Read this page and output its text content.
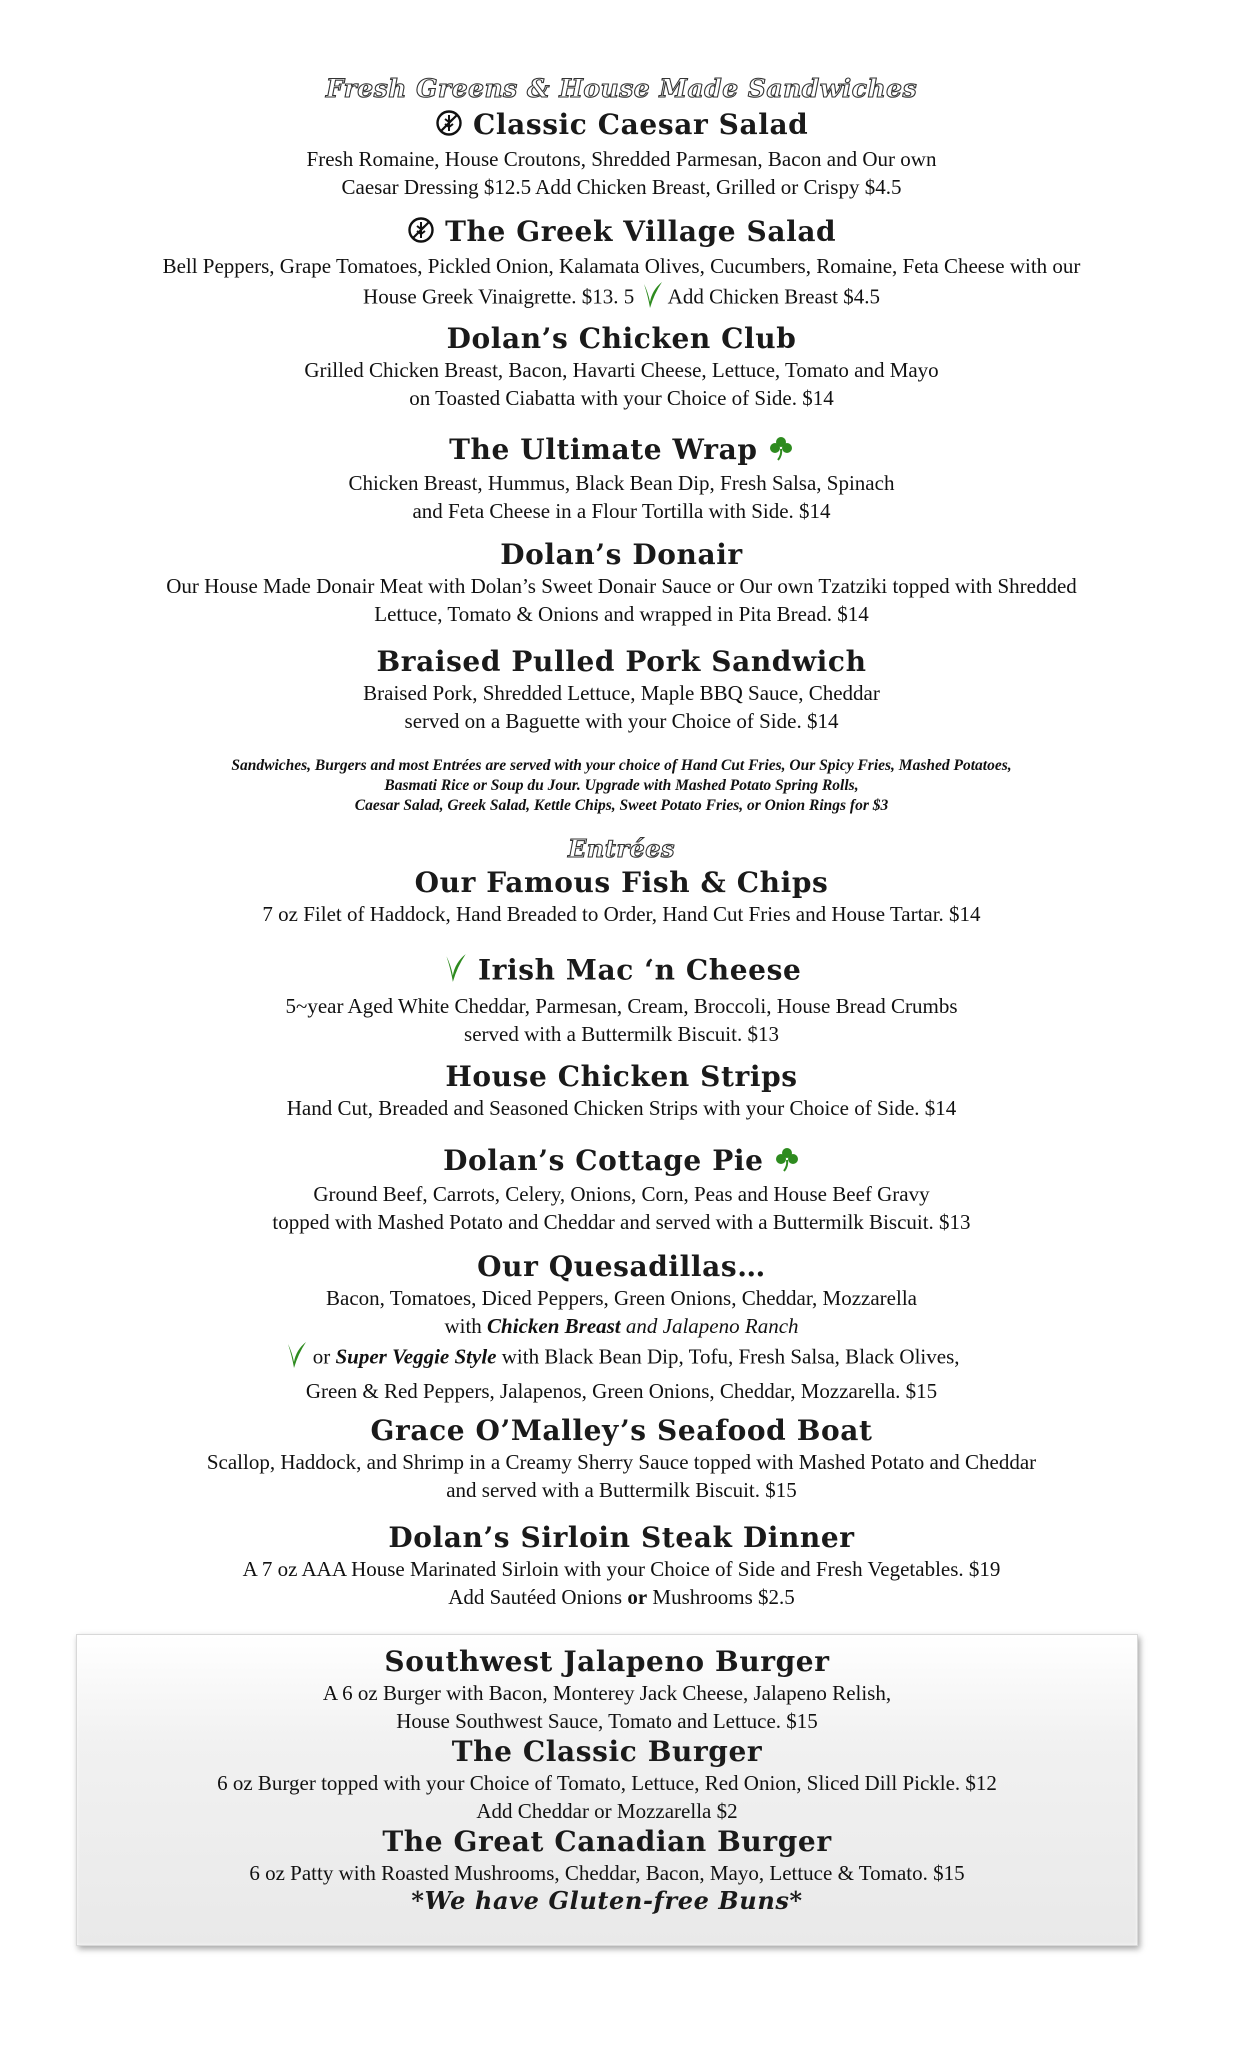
Fresh Greens & House Made Sandwiches
Classic Caesar Salad
Fresh Romaine, House Croutons, Shredded Parmesan, Bacon and Our own
Caesar Dressing $12.5 Add Chicken Breast, Grilled or Crispy $4.5
The Greek Village Salad
Bell Peppers, Grape Tomatoes, Pickled Onion, Kalamata Olives, Cucumbers, Romaine, Feta Cheese with our
House Greek Vinaigrette. $13. 5 Add Chicken Breast $4.5
Dolan’s Chicken Club
Grilled Chicken Breast, Bacon, Havarti Cheese, Lettuce, Tomato and Mayo
on Toasted Ciabatta with your Choice of Side. $14
The Ultimate Wrap
Chicken Breast, Hummus, Black Bean Dip, Fresh Salsa, Spinach
and Feta Cheese in a Flour Tortilla with Side. $14
Dolan’s Donair
Our House Made Donair Meat with Dolan’s Sweet Donair Sauce or Our own Tzatziki topped with Shredded
Lettuce, Tomato & Onions and wrapped in Pita Bread. $14
Braised Pulled Pork Sandwich
Braised Pork, Shredded Lettuce, Maple BBQ Sauce, Cheddar
served on a Baguette with your Choice of Side. $14
Sandwiches, Burgers and most Entrées are served with your choice of Hand Cut Fries, Our Spicy Fries, Mashed Potatoes,
Basmati Rice or Soup du Jour. Upgrade with Mashed Potato Spring Rolls,
Caesar Salad, Greek Salad, Kettle Chips, Sweet Potato Fries, or Onion Rings for $3
Entrées
Our Famous Fish & Chips
7 oz Filet of Haddock, Hand Breaded to Order, Hand Cut Fries and House Tartar. $14
Irish Mac ‘n Cheese
5~year Aged White Cheddar, Parmesan, Cream, Broccoli, House Bread Crumbs
served with a Buttermilk Biscuit. $13
House Chicken Strips
Hand Cut, Breaded and Seasoned Chicken Strips with your Choice of Side. $14
Dolan’s Cottage Pie
Ground Beef, Carrots, Celery, Onions, Corn, Peas and House Beef Gravy
topped with Mashed Potato and Cheddar and served with a Buttermilk Biscuit. $13
Our Quesadillas…
Bacon, Tomatoes, Diced Peppers, Green Onions, Cheddar, Mozzarella
with Chicken Breast and Jalapeno Ranch
or Super Veggie Style with Black Bean Dip, Tofu, Fresh Salsa, Black Olives,
Green & Red Peppers, Jalapenos, Green Onions, Cheddar, Mozzarella. $15
Grace O’Malley’s Seafood Boat
Scallop, Haddock, and Shrimp in a Creamy Sherry Sauce topped with Mashed Potato and Cheddar
and served with a Buttermilk Biscuit. $15
Dolan’s Sirloin Steak Dinner
A 7 oz AAA House Marinated Sirloin with your Choice of Side and Fresh Vegetables. $19
Add Sautéed Onions or Mushrooms $2.5
Southwest Jalapeno Burger
A 6 oz Burger with Bacon, Monterey Jack Cheese, Jalapeno Relish,
House Southwest Sauce, Tomato and Lettuce. $15
The Classic Burger
6 oz Burger topped with your Choice of Tomato, Lettuce, Red Onion, Sliced Dill Pickle. $12
Add Cheddar or Mozzarella $2
The Great Canadian Burger
6 oz Patty with Roasted Mushrooms, Cheddar, Bacon, Mayo, Lettuce & Tomato. $15
*We have Gluten-free Buns*
